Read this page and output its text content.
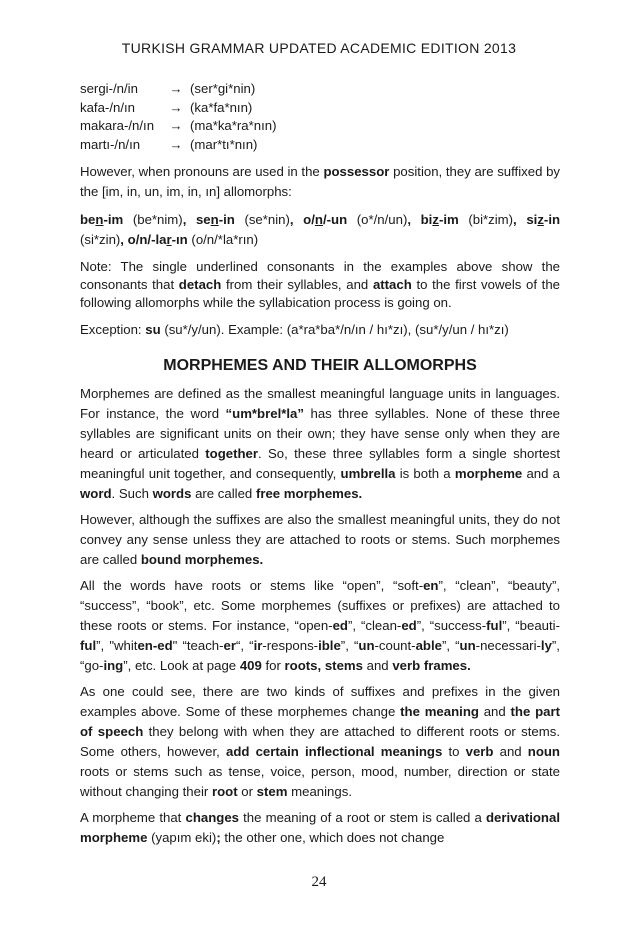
TURKISH GRAMMAR UPDATED ACADEMIC EDITION 2013
sergi-/n/in	→ (ser*gi*nin)
kafa-/n/ın	→ (ka*fa*nın)
makara-/n/ın	→ (ma*ka*ra*nın)
martı-/n/ın	→ (mar*tı*nın)

However, when pronouns are used in the possessor position, they are suffixed by the [im, in, un, im, in, ın] allomorphs:

ben-im (be*nim), sen-in (se*nin), o/n/-un (o*/n/un), biz-im (bi*zim), siz-in (si*zin), o/n/-lar-ın (o/n/*la*rın)

Note: The single underlined consonants in the examples above show the consonants that detach from their syllables, and attach to the first vowels of the following allomorphs while the syllabication process is going on.

Exception: su (su*/y/un). Example: (a*ra*ba*/n/ın / hı*zı), (su*/y/un / hı*zı)

MORPHEMES AND THEIR ALLOMORPHS

Morphemes are defined as the smallest meaningful language units in languages. For instance, the word “um*brel*la” has three syllables. None of these three syllables are significant units on their own; they have sense only when they are heard or articulated together. So, these three syllables form a single shortest meaningful unit together, and consequently, umbrella is both a morpheme and a word. Such words are called free morphemes.

However, although the suffixes are also the smallest meaningful units, they do not convey any sense unless they are attached to roots or stems. Such morphemes are called bound morphemes.

All the words have roots or stems like “open”, “soft-en”, “clean”, “beauty”, “success”, “book”, etc. Some morphemes (suffixes or prefixes) are attached to these roots or stems. For instance, “open-ed”, “clean-ed”, “success-ful”, “beauti-ful”, "whiten-ed" “teach-er“, “ir-respons-ible”, “un-count-able”, “un-necessari-ly”, “go-ing”, etc. Look at page 409 for roots, stems and verb frames.

As one could see, there are two kinds of suffixes and prefixes in the given examples above. Some of these morphemes change the meaning and the part of speech they belong with when they are attached to different roots or stems. Some others, however, add certain inflectional meanings to verb and noun roots or stems such as tense, voice, person, mood, number, direction or state without changing their root or stem meanings.

A morpheme that changes the meaning of a root or stem is called a derivational morpheme (yapım eki); the other one, which does not change

24
